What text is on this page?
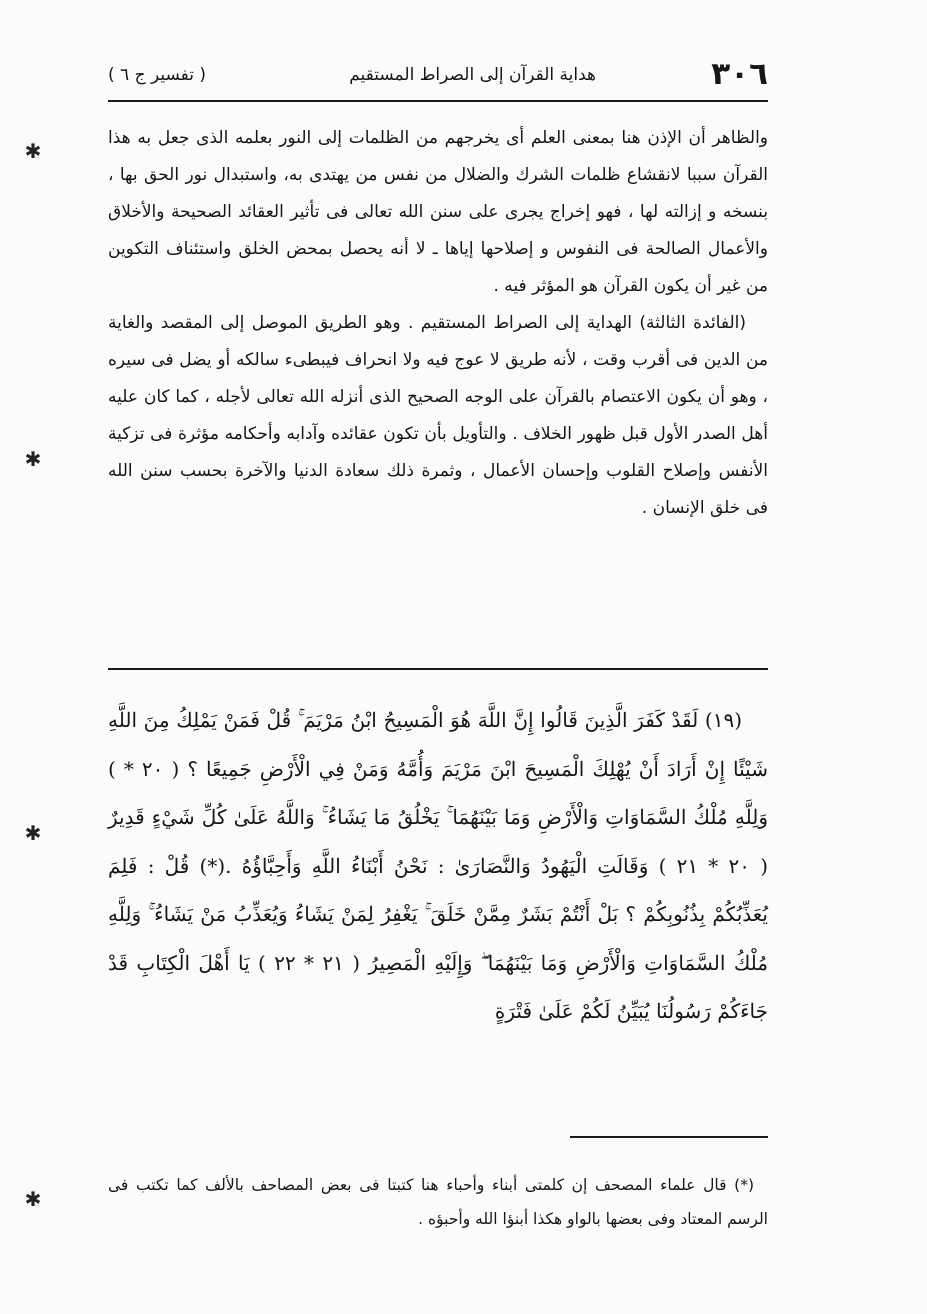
٣٠٦
هداية القرآن إلى الصراط المستقيم
( تفسير ج ٦ )

والظاهر أن الإذن هنا بمعنى العلم أى يخرجهم من الظلمات إلى النور بعلمه الذى جعل به هذا القرآن سببا لانقشاع ظلمات الشرك والضلال من نفس من يهتدى به، واستبدال نور الحق بها ، بنسخه و إزالته لها ، فهو إخراج يجرى على سنن الله تعالى فى تأثير العقائد الصحيحة والأخلاق والأعمال الصالحة فى النفوس و إصلاحها إياها ـ لا أنه يحصل بمحض الخلق واستئناف التكوين من غير أن يكون القرآن هو المؤثر فيه .

(الفائدة الثالثة) الهداية إلى الصراط المستقيم . وهو الطريق الموصل إلى المقصد والغاية من الدين فى أقرب وقت ، لأنه طريق لا عوج فيه ولا انحراف فيبطىء سالكه أو يضل فى سيره ، وهو أن يكون الاعتصام بالقرآن على الوجه الصحيح الذى أنزله الله تعالى لأجله ، كما كان عليه أهل الصدر الأول قبل ظهور الخلاف . والتأويل بأن تكون عقائده وآدابه وأحكامه مؤثرة فى تزكية الأنفس وإصلاح القلوب وإحسان الأعمال ، وثمرة ذلك سعادة الدنيا والآخرة بحسب سنن الله فى خلق الإنسان .

(١٩) لَقَدْ كَفَرَ الَّذِينَ قَالُوا إِنَّ اللَّهَ هُوَ الْمَسِيحُ ابْنُ مَرْيَمَ ۚ قُلْ فَمَنْ يَمْلِكُ مِنَ اللَّهِ شَيْئًا إِنْ أَرَادَ أَنْ يُهْلِكَ الْمَسِيحَ ابْنَ مَرْيَمَ وَأُمَّهُ وَمَنْ فِي الْأَرْضِ جَمِيعًا ؟ ( ٢٠ * ) وَلِلَّهِ مُلْكُ السَّمَاوَاتِ وَالْأَرْضِ وَمَا بَيْنَهُمَا ۚ يَخْلُقُ مَا يَشَاءُ ۚ وَاللَّهُ عَلَىٰ كُلِّ شَيْءٍ قَدِيرٌ ( ٢٠ * ٢١ ) وَقَالَتِ الْيَهُودُ وَالنَّصَارَىٰ : نَحْنُ أَبْنَاءُ اللَّهِ وَأَحِبَّاؤُهُ .(*) قُلْ : فَلِمَ يُعَذِّبُكُمْ بِذُنُوبِكُمْ ؟ بَلْ أَنْتُمْ بَشَرٌ مِمَّنْ خَلَقَ ۚ يَغْفِرُ لِمَنْ يَشَاءُ وَيُعَذِّبُ مَنْ يَشَاءُ ۚ وَلِلَّهِ مُلْكُ السَّمَاوَاتِ وَالْأَرْضِ وَمَا بَيْنَهُمَا ۖ وَإِلَيْهِ الْمَصِيرُ ( ٢١ * ٢٢ ) يَا أَهْلَ الْكِتَابِ قَدْ جَاءَكُمْ رَسُولُنَا يُبَيِّنُ لَكُمْ عَلَىٰ فَتْرَةٍ

(*) قال علماء المصحف إن كلمتى أبناء وأحباء هنا كتبتا فى بعض المصاحف بالألف كما تكتب فى الرسم المعتاد وفى بعضها بالواو هكذا أبنؤا الله وأحبؤه .

✱
✱
✱
✱
